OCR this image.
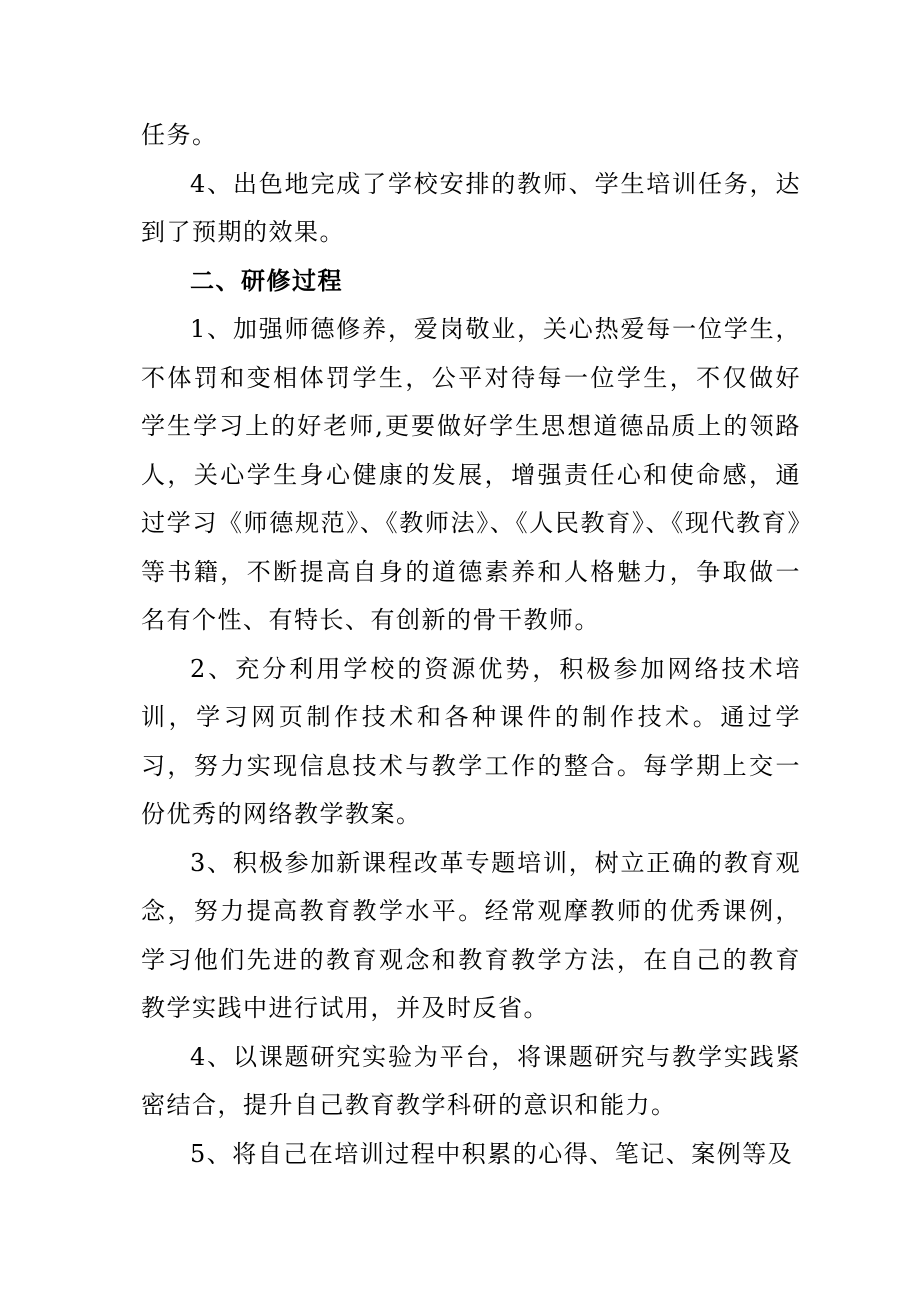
任务。

4、出色地完成了学校安排的教师、学生培训任务，达到了预期的效果。

二、研修过程

1、加强师德修养，爱岗敬业，关心热爱每一位学生，不体罚和变相体罚学生，公平对待每一位学生，不仅做好学生学习上的好老师,更要做好学生思想道德品质上的领路人，关心学生身心健康的发展，增强责任心和使命感，通过学习《师德规范》、《教师法》、《人民教育》、《现代教育》等书籍，不断提高自身的道德素养和人格魅力，争取做一名有个性、有特长、有创新的骨干教师。

2、充分利用学校的资源优势，积极参加网络技术培训，学习网页制作技术和各种课件的制作技术。通过学习，努力实现信息技术与教学工作的整合。每学期上交一份优秀的网络教学教案。

3、积极参加新课程改革专题培训，树立正确的教育观念，努力提高教育教学水平。经常观摩教师的优秀课例，学习他们先进的教育观念和教育教学方法，在自己的教育教学实践中进行试用，并及时反省。

4、以课题研究实验为平台，将课题研究与教学实践紧密结合，提升自己教育教学科研的意识和能力。

5、将自己在培训过程中积累的心得、笔记、案例等及
